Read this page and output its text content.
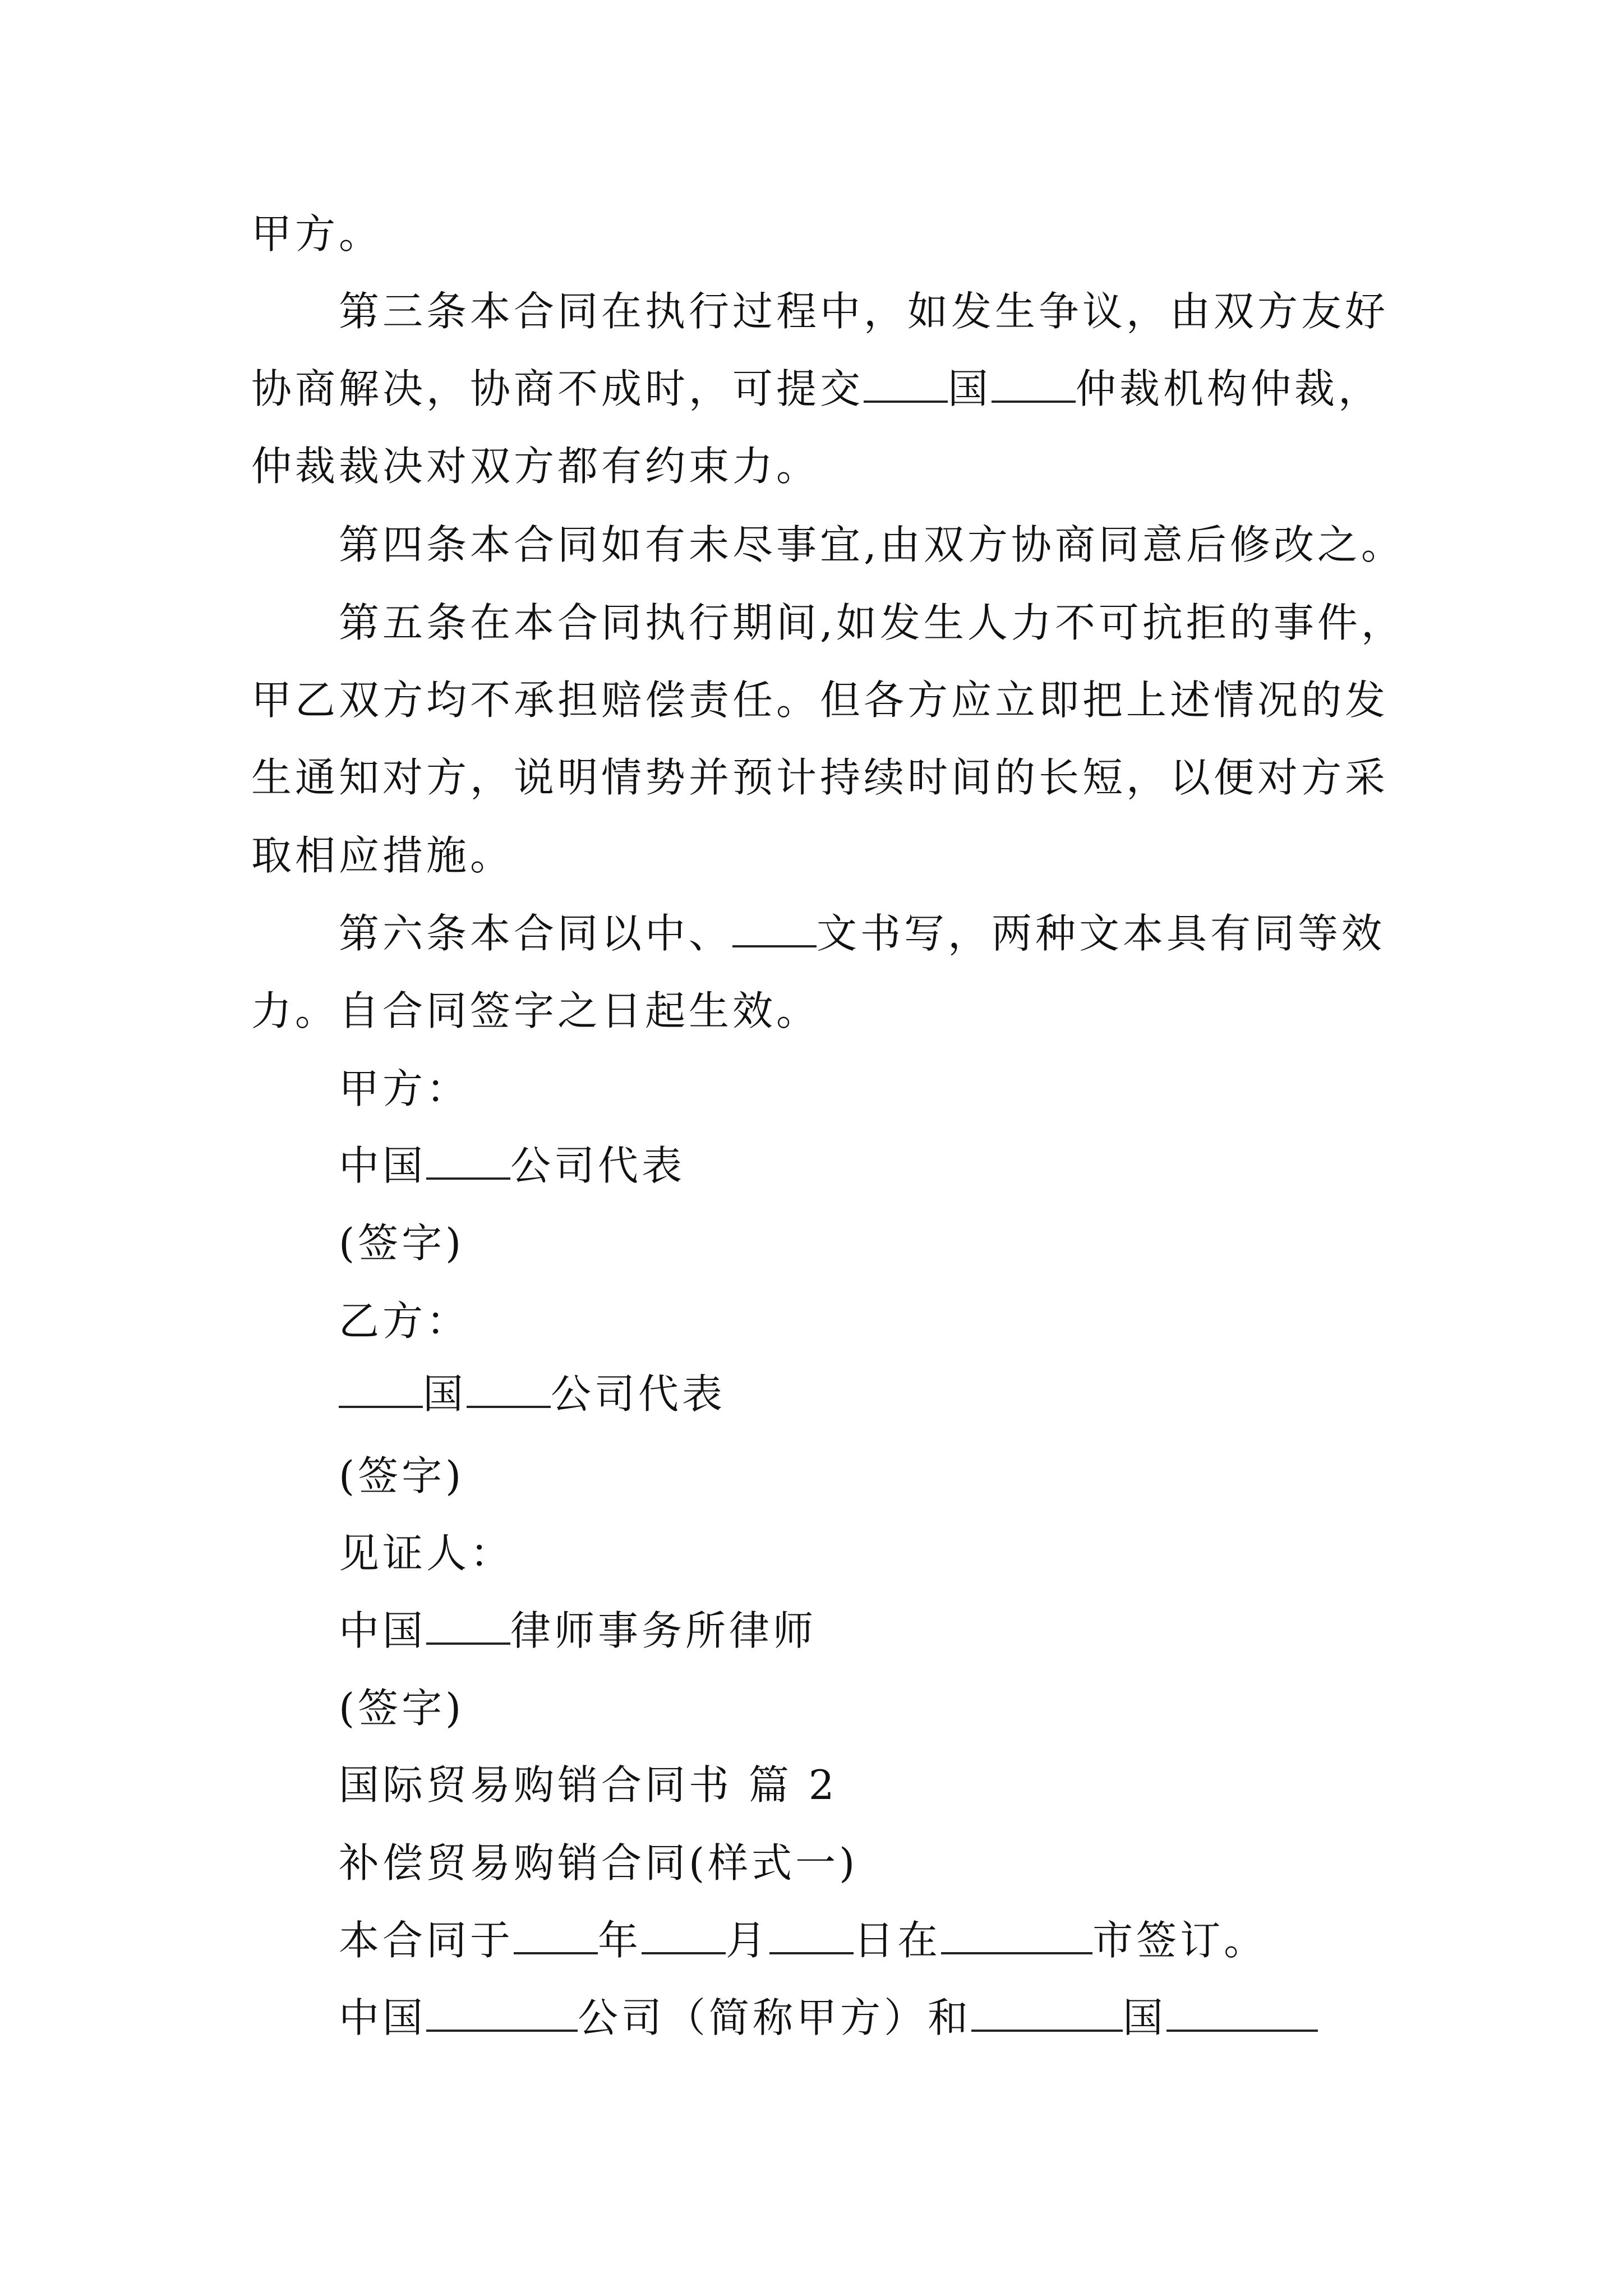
甲方。
第三条本合同在执行过程中，如发生争议，由双方友好
协商解决，协商不成时，可提交 国 仲裁机构仲裁，
仲裁裁决对双方都有约束力。
第四条本合同如有未尽事宜,由双方协商同意后修改之。
第五条在本合同执行期间,如发生人力不可抗拒的事件，
甲乙双方均不承担赔偿责任。但各方应立即把上述情况的发
生通知对方，说明情势并预计持续时间的长短，以便对方采
取相应措施。
第六条本合同以中、 文书写，两种文本具有同等效
力。自合同签字之日起生效。
甲方：
中国 公司代表
(签字)
乙方：
国 公司代表
(签字)
见证人：
中国 律师事务所律师
(签字)
国际贸易购销合同书 篇 2
补偿贸易购销合同(样式一)
本合同于 年 月 日在	市签订。
中国	公司（简称甲方）和	国
